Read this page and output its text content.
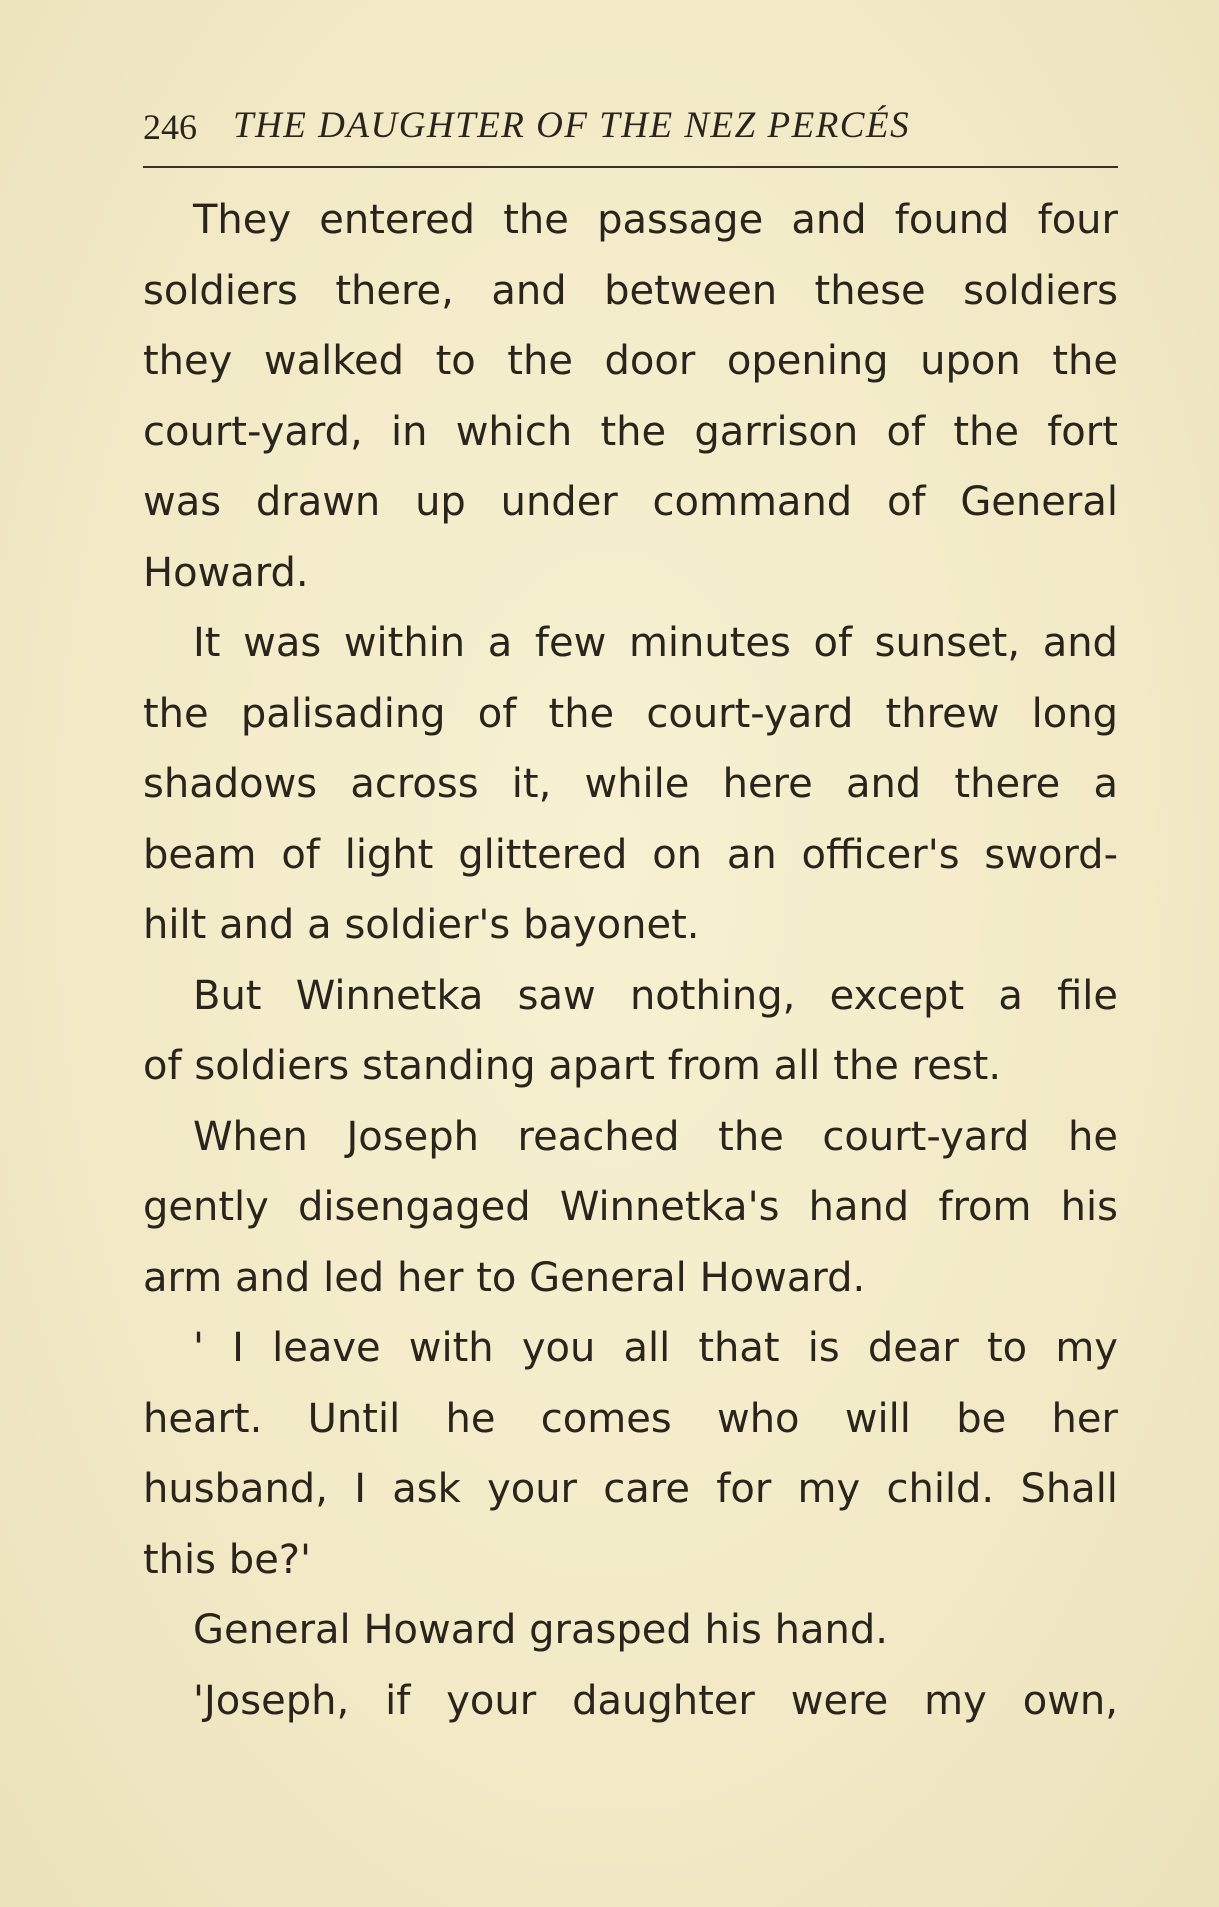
246 THE DAUGHTER OF THE NEZ PERCÉS
They entered the passage and found four
soldiers there, and between these soldiers
they walked to the door opening upon the
court-yard, in which the garrison of the fort
was drawn up under command of General
Howard.
It was within a few minutes of sunset, and
the palisading of the court-yard threw long
shadows across it, while here and there a
beam of light glittered on an officer's sword-
hilt and a soldier's bayonet.
But Winnetka saw nothing, except a file
of soldiers standing apart from all the rest.
When Joseph reached the court-yard he
gently disengaged Winnetka's hand from his
arm and led her to General Howard.
' I leave with you all that is dear to my
heart. Until he comes who will be her
husband, I ask your care for my child. Shall
this be?'
General Howard grasped his hand.
'Joseph, if your daughter were my own,
